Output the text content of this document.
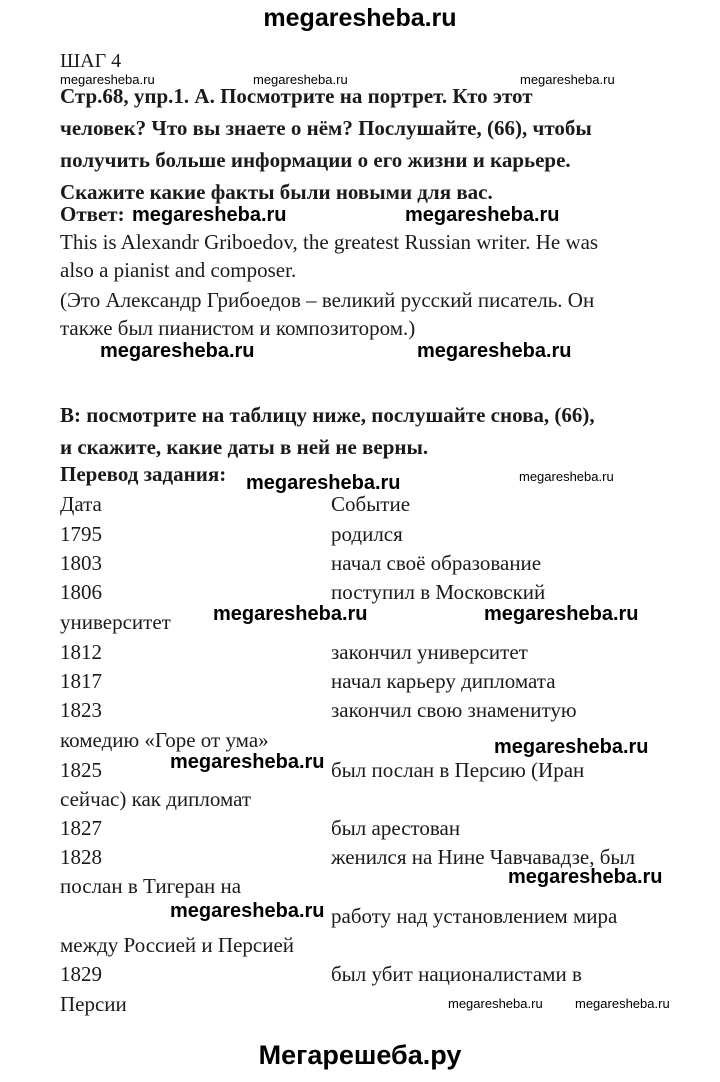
megaresheba.ru
ШАГ 4
Стр.68, упр.1. А. Посмотрите на портрет. Кто этот
человек? Что вы знаете о нём? Послушайте, (66), чтобы
получить больше информации о его жизни и карьере.
Скажите какие факты были новыми для вас.
Ответ:
This is Alexandr Griboedov, the greatest Russian writer. He was
also a pianist and composer.
(Это Александр Грибоедов – великий русский писатель. Он
также был пианистом и композитором.)
В: посмотрите на таблицу ниже, послушайте снова, (66),
и скажите, какие даты в ней не верны.
Перевод задания:
Дата	Событие
1795	родился
1803	начал своё образование
1806	поступил в Московский
университет
1812	закончил университет
1817	начал карьеру дипломата
1823	закончил свою знаменитую
комедию «Горе от ума»
1825	был послан в Персию (Иран
сейчас) как дипломат
1827	был арестован
1828	женился на Нине Чавчавадзе, был
послан в Тигеран на
работу над установлением мира
между Россией и Персией
1829	был убит националистами в
Персии
megaresheba.ru	megaresheba.ru	megaresheba.ru
megaresheba.ru	megaresheba.ru
megaresheba.ru	megaresheba.ru
megaresheba.ru	megaresheba.ru
megaresheba.ru	megaresheba.ru
megaresheba.ru
megaresheba.ru
megaresheba.ru
megaresheba.ru
megaresheba.ru megaresheba.ru
Мегарешеба.ру
